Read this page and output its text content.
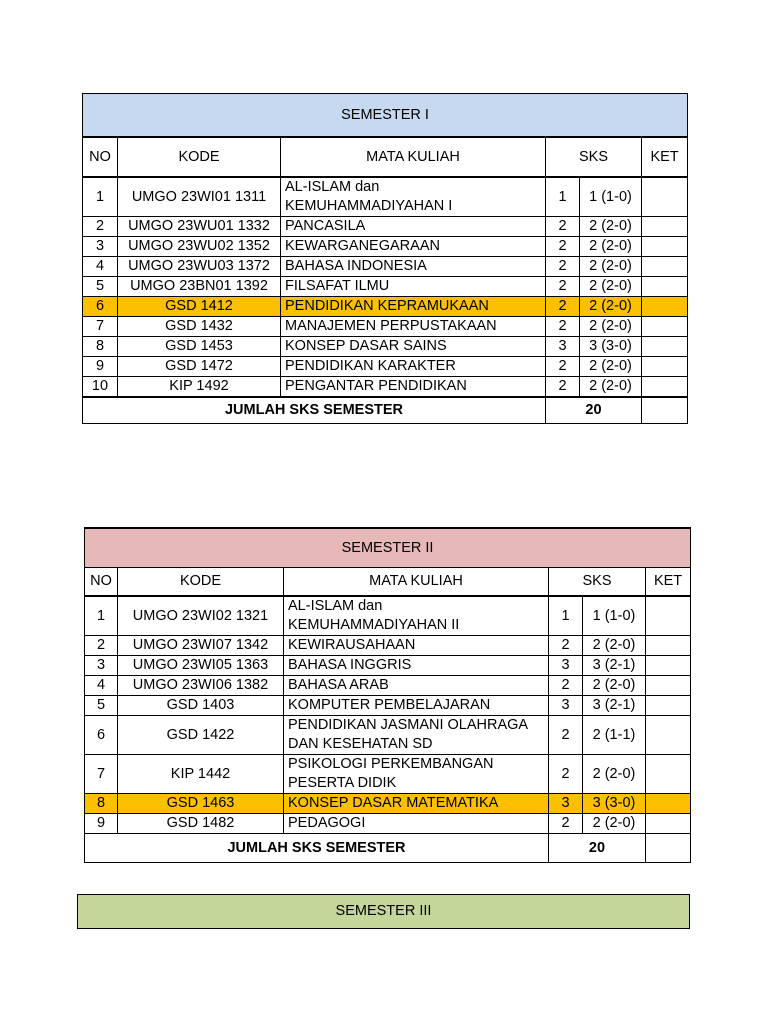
SEMESTER I					
NO	KODE	MATA KULIAH	SKS		KET
1	UMGO 23WI01 1311	AL-ISLAM dan KEMUHAMMADIYAHAN I	1	1 (1-0)	
2	UMGO 23WU01 1332	PANCASILA	2	2 (2-0)	
3	UMGO 23WU02 1352	KEWARGANEGARAAN	2	2 (2-0)	
4	UMGO 23WU03 1372	BAHASA INDONESIA	2	2 (2-0)	
5	UMGO 23BN01 1392	FILSAFAT ILMU	2	2 (2-0)	
6	GSD 1412	PENDIDIKAN KEPRAMUKAAN	2	2 (2-0)	
7	GSD 1432	MANAJEMEN PERPUSTAKAAN	2	2 (2-0)	
8	GSD 1453	KONSEP DASAR SAINS	3	3 (3-0)	
9	GSD 1472	PENDIDIKAN KARAKTER	2	2 (2-0)	
10	KIP 1492	PENGANTAR PENDIDIKAN	2	2 (2-0)	
JUMLAH SKS SEMESTER			20		
SEMESTER II					
NO	KODE	MATA KULIAH	SKS		KET
1	UMGO 23WI02 1321	AL-ISLAM dan KEMUHAMMADIYAHAN II	1	1 (1-0)	
2	UMGO 23WI07 1342	KEWIRAUSAHAAN	2	2 (2-0)	
3	UMGO 23WI05 1363	BAHASA INGGRIS	3	3 (2-1)	
4	UMGO 23WI06 1382	BAHASA ARAB	2	2 (2-0)	
5	GSD 1403	KOMPUTER PEMBELAJARAN	3	3 (2-1)	
6	GSD 1422	PENDIDIKAN JASMANI OLAHRAGA DAN KESEHATAN SD	2	2 (1-1)	
7	KIP 1442	PSIKOLOGI PERKEMBANGAN PESERTA DIDIK	2	2 (2-0)	
8	GSD 1463	KONSEP DASAR MATEMATIKA	3	3 (3-0)	
9	GSD 1482	PEDAGOGI	2	2 (2-0)	
JUMLAH SKS SEMESTER			20		
SEMESTER III
